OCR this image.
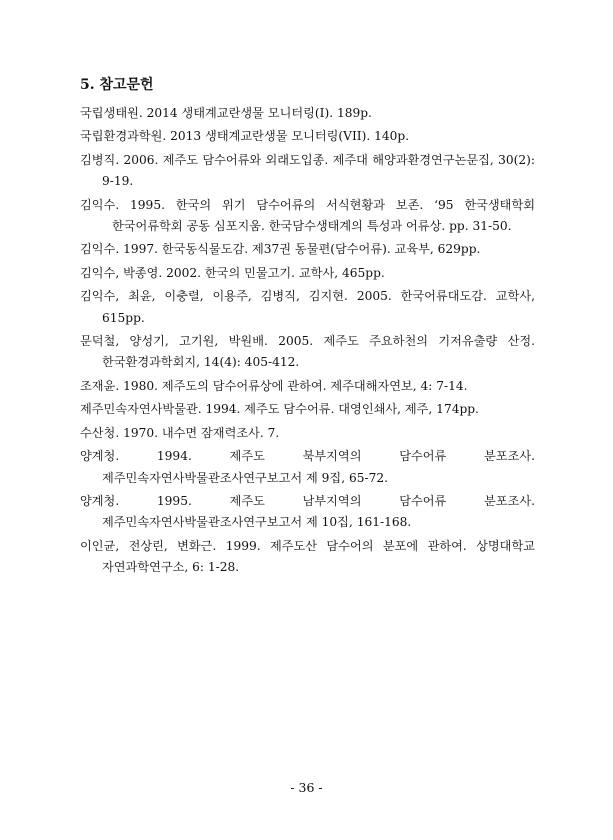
5. 참고문헌
국립생태원. 2014 생태계교란생물 모니터링(I). 189p.
국립환경과학원. 2013 생태계교란생물 모니터링(VII). 140p.
김병직. 2006. 제주도 담수어류와 외래도입종. 제주대 해양과환경연구논문집, 30(2): 9-19.
김익수. 1995. 한국의 위기 담수어류의 서식현황과 보존. ‘95 한국생태학회 한국어류학회 공동 심포지움. 한국담수생태계의 특성과 어류상. pp. 31-50.
김익수. 1997. 한국동식물도감. 제37권 동물편(담수어류). 교육부, 629pp.
김익수, 박종영. 2002. 한국의 민물고기. 교학사, 465pp.
김익수, 최윤, 이충렬, 이용주, 김병직, 김지현. 2005. 한국어류대도감. 교학사, 615pp.
문덕철, 양성기, 고기원, 박원배. 2005. 제주도 주요하천의 기저유출량 산정. 한국환경과학회지, 14(4): 405-412.
조재윤. 1980. 제주도의 담수어류상에 관하여. 제주대해자연보, 4: 7-14.
제주민속자연사박물관. 1994. 제주도 담수어류. 대영인쇄사, 제주, 174pp.
수산청. 1970. 내수면 잠재력조사. 7.
양계청. 1994. 제주도 북부지역의 담수어류 분포조사. 제주민속자연사박물관조사연구보고서 제 9집, 65-72.
양계청. 1995. 제주도 남부지역의 담수어류 분포조사. 제주민속자연사박물관조사연구보고서 제 10집, 161-168.
이인균, 전상린, 변화근. 1999. 제주도산 담수어의 분포에 관하여. 상명대학교 자연과학연구소, 6: 1-28.
- 36 -
